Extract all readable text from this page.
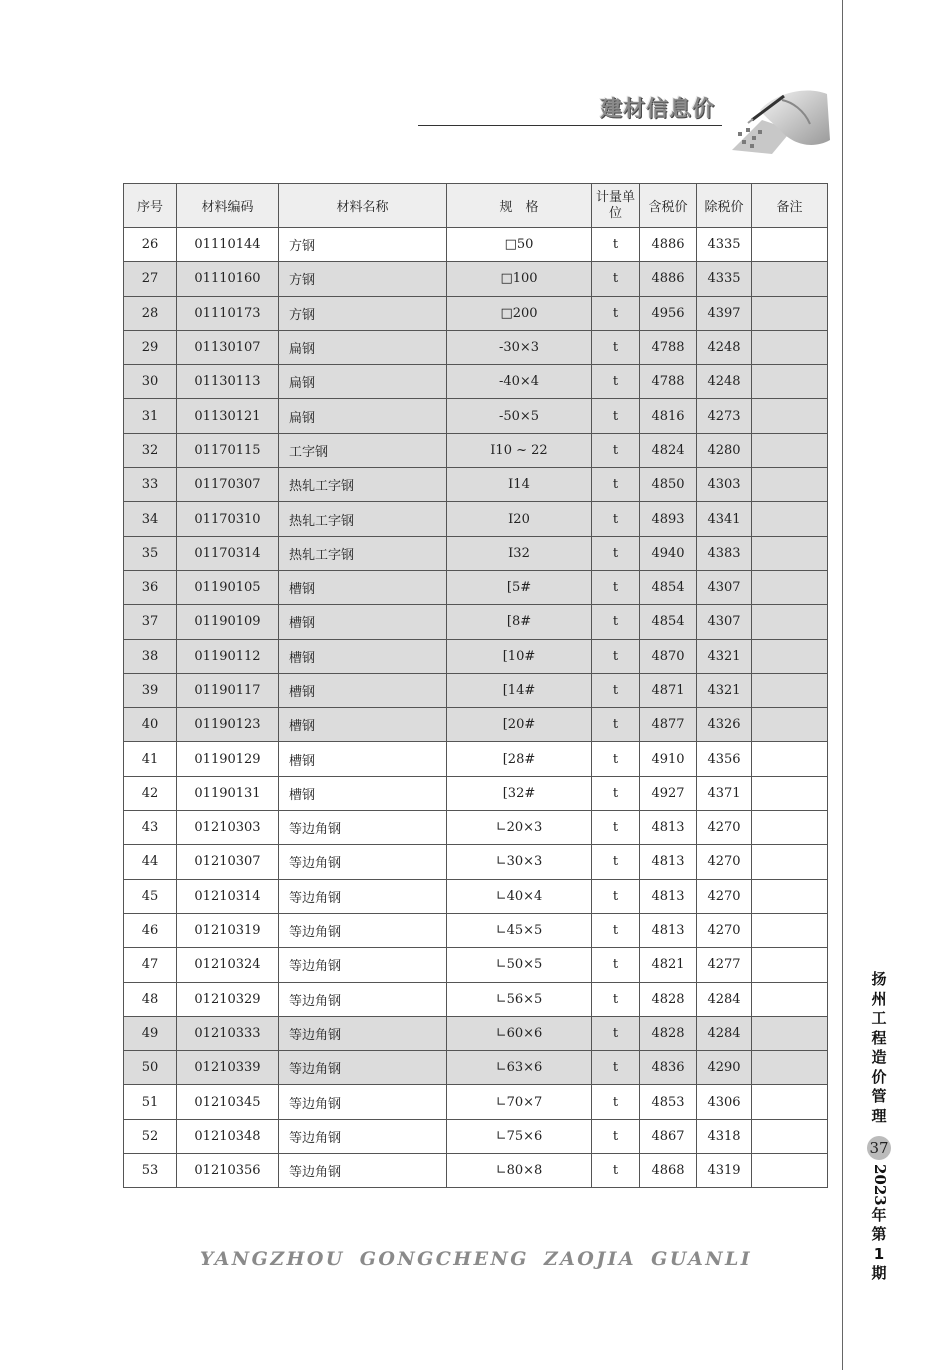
建材信息价
序号	材料编码	材料名称	规　格	计量单位	含税价	除税价	备注
26	01110144	方钢	□50	t	4886	4335	
27	01110160	方钢	□100	t	4886	4335	
28	01110173	方钢	□200	t	4956	4397	
29	01130107	扁钢	-30×3	t	4788	4248	
30	01130113	扁钢	-40×4	t	4788	4248	
31	01130121	扁钢	-50×5	t	4816	4273	
32	01170115	工字钢	I10 ~ 22	t	4824	4280	
33	01170307	热轧工字钢	I14	t	4850	4303	
34	01170310	热轧工字钢	I20	t	4893	4341	
35	01170314	热轧工字钢	I32	t	4940	4383	
36	01190105	槽钢	[5#	t	4854	4307	
37	01190109	槽钢	[8#	t	4854	4307	
38	01190112	槽钢	[10#	t	4870	4321	
39	01190117	槽钢	[14#	t	4871	4321	
40	01190123	槽钢	[20#	t	4877	4326	
41	01190129	槽钢	[28#	t	4910	4356	
42	01190131	槽钢	[32#	t	4927	4371	
43	01210303	等边角钢	∟20×3	t	4813	4270	
44	01210307	等边角钢	∟30×3	t	4813	4270	
45	01210314	等边角钢	∟40×4	t	4813	4270	
46	01210319	等边角钢	∟45×5	t	4813	4270	
47	01210324	等边角钢	∟50×5	t	4821	4277	
48	01210329	等边角钢	∟56×5	t	4828	4284	
49	01210333	等边角钢	∟60×6	t	4828	4284	
50	01210339	等边角钢	∟63×6	t	4836	4290	
51	01210345	等边角钢	∟70×7	t	4853	4306	
52	01210348	等边角钢	∟75×6	t	4867	4318	
53	01210356	等边角钢	∟80×8	t	4868	4319	
扬
州
工
程
造
价
管
理
37
2023
年
第
1
期
YANGZHOU GONGCHENG ZAOJIA GUANLI
